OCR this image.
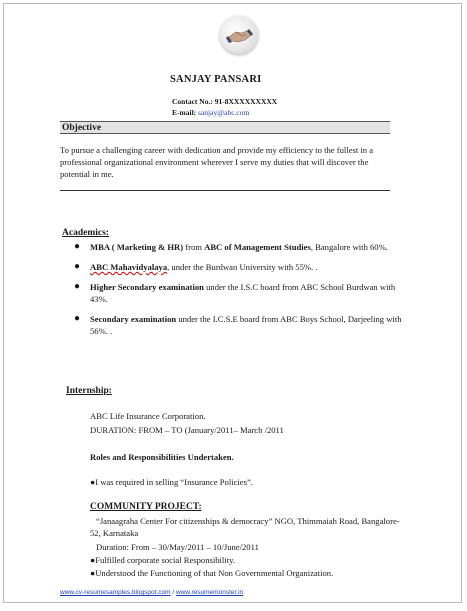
SANJAY PANSARI
Contact No.: 91-8XXXXXXXXX
E-mail: sanjay@abc.com
Objective
To pursue a challenging career with dedication and provide my efficiency to the fullest in a professional organizational environment wherever I serve my duties that will discover the potential in me.
Academics:
● MBA ( Marketing & HR) from ABC of Management Studies, Bangalore with 60%.
● ABC Mahavidyalaya, under the Burdwan University with 55%. .
● Higher Secondary examination under the I.S.C board from ABC School Burdwan with 43%.
● Secondary examination under the I.C.S.E board from ABC Boys School, Darjeeling with 56%. .
Internship:
ABC Life Insurance Corporation.
DURATION: FROM – TO (January/2011– March /2011
Roles and Responsibilities Undertaken.
●I was required in selling “Insurance Policies”.
COMMUNITY PROJECT:
“Janaagraha Center For citizenships & democracy” NGO, Thimmaiah Road, Bangalore-52, Karnataka
Duration: From – 30/May/2011 – 10/June/2011
●Fulfilled corporate social Responsibility.
●Understood the Functioning of that Non Governmental Organization.
www.cv-resumesamples.blogspot.com / www.resumemonster.in
